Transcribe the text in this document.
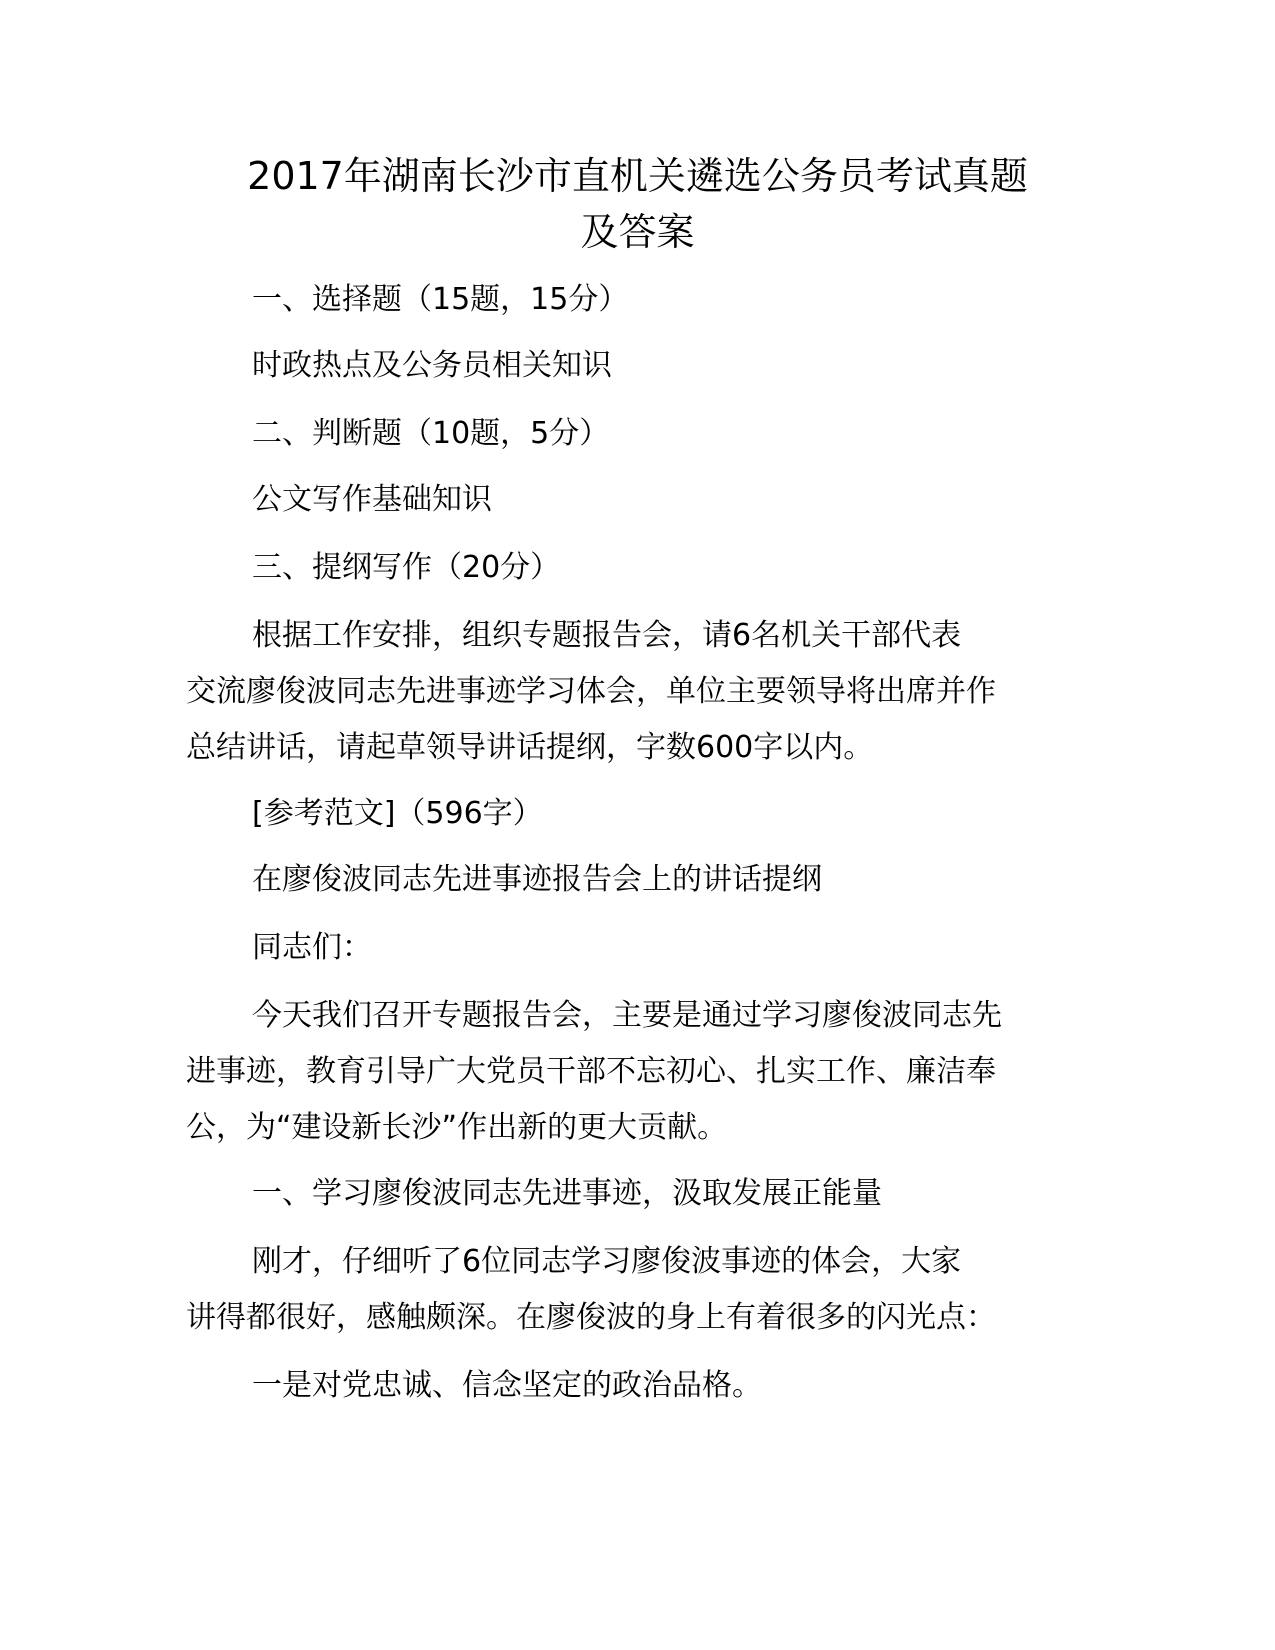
2017年湖南长沙市直机关遴选公务员考试真题
及答案

一、选择题（15题，15分）

时政热点及公务员相关知识

二、判断题（10题，5分）

公文写作基础知识

三、提纲写作（20分）

根据工作安排，组织专题报告会，请6名机关干部代表
交流廖俊波同志先进事迹学习体会，单位主要领导将出席并作
总结讲话，请起草领导讲话提纲，字数600字以内。

[参考范文]（596字）

在廖俊波同志先进事迹报告会上的讲话提纲

同志们：

今天我们召开专题报告会，主要是通过学习廖俊波同志先
进事迹，教育引导广大党员干部不忘初心、扎实工作、廉洁奉
公，为“建设新长沙”作出新的更大贡献。

一、学习廖俊波同志先进事迹，汲取发展正能量

刚才，仔细听了6位同志学习廖俊波事迹的体会，大家
讲得都很好，感触颇深。在廖俊波的身上有着很多的闪光点：

一是对党忠诚、信念坚定的政治品格。
